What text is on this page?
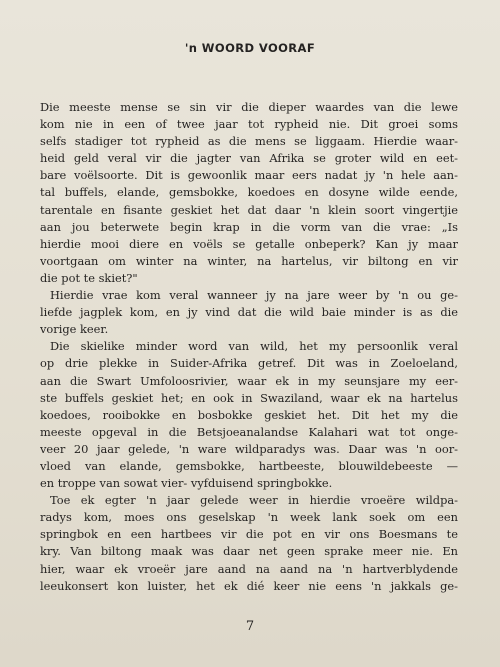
'n WOORD VOORAF
Die meeste mense se sin vir die dieper waardes van die lewe
kom nie in een of twee jaar tot rypheid nie. Dit groei soms
selfs stadiger tot rypheid as die mens se liggaam. Hierdie waar-
heid geld veral vir die jagter van Afrika se groter wild en eet-
bare voëlsoorte. Dit is gewoonlik maar eers nadat jy 'n hele aan-
tal buffels, elande, gemsbokke, koedoes en dosyne wilde eende,
tarentale en fisante geskiet het dat daar 'n klein soort vingertjie
aan jou beterwete begin krap in die vorm van die vrae: „Is
hierdie mooi diere en voëls se getalle onbeperk? Kan jy maar
voortgaan om winter na winter, na hartelus, vir biltong en vir
die pot te skiet?"
Hierdie vrae kom veral wanneer jy na jare weer by 'n ou ge-
liefde jagplek kom, en jy vind dat die wild baie minder is as die
vorige keer.
Die skielike minder word van wild, het my persoonlik veral
op drie plekke in Suider-Afrika getref. Dit was in Zoeloeland,
aan die Swart Umfoloosrivier, waar ek in my seunsjare my eer-
ste buffels geskiet het; en ook in Swaziland, waar ek na hartelus
koedoes, rooibokke en bosbokke geskiet het. Dit het my die
meeste opgeval in die Betsjoeanalandse Kalahari wat tot onge-
veer 20 jaar gelede, 'n ware wildparadys was. Daar was 'n oor-
vloed van elande, gemsbokke, hartbeeste, blouwildebeeste —
en troppe van sowat vier- vyfduisend springbokke.
Toe ek egter 'n jaar gelede weer in hierdie vroeëre wildpa-
radys kom, moes ons geselskap 'n week lank soek om een
springbok en een hartbees vir die pot en vir ons Boesmans te
kry. Van biltong maak was daar net geen sprake meer nie. En
hier, waar ek vroeër jare aand na aand na 'n hartverblydende
leeukonsert kon luister, het ek dié keer nie eens 'n jakkals ge-

7
